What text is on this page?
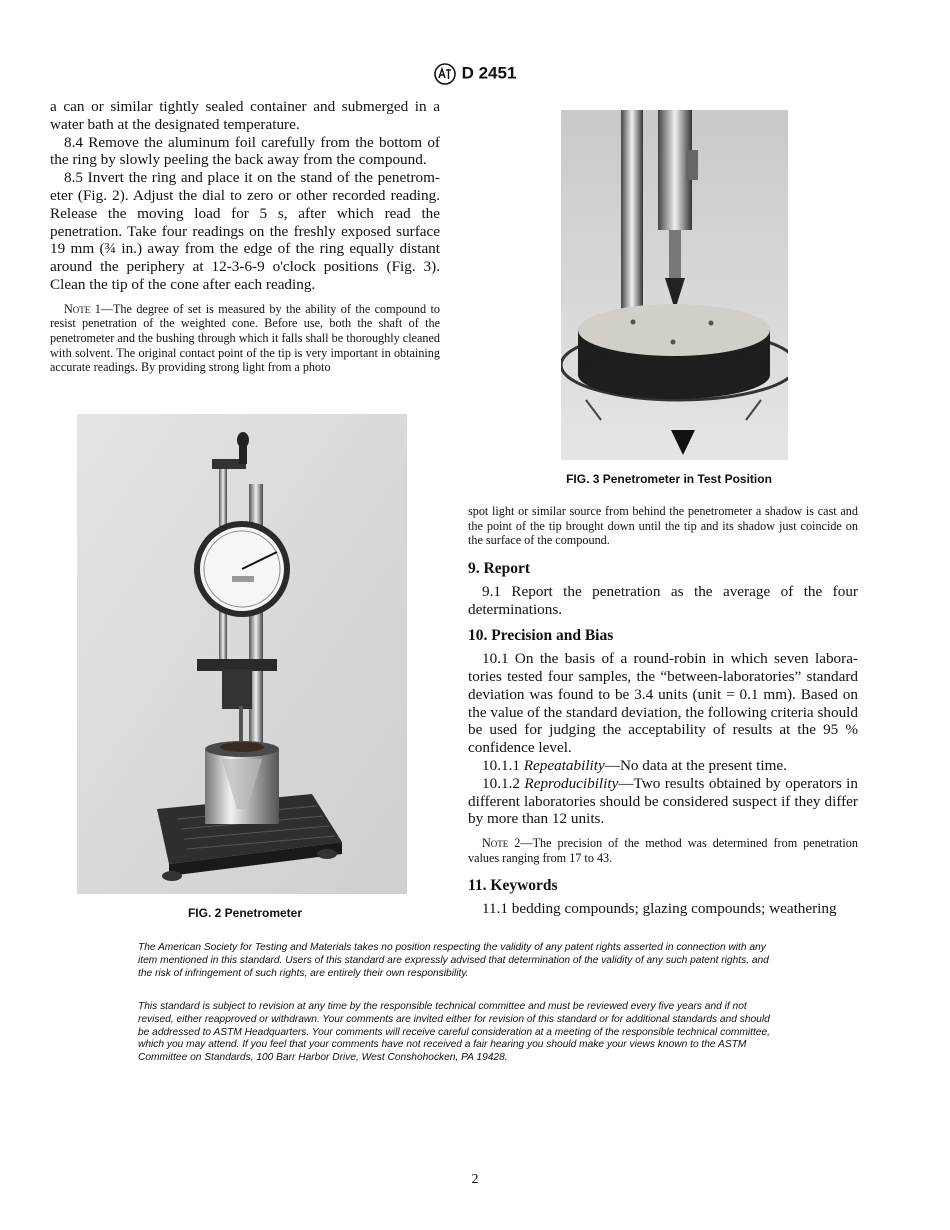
D 2451

a can or similar tightly sealed container and submerged in a water bath at the designated temperature.

8.4 Remove the aluminum foil carefully from the bottom of the ring by slowly peeling the back away from the compound.

8.5 Invert the ring and place it on the stand of the penetrom-eter (Fig. 2). Adjust the dial to zero or other recorded reading. Release the moving load for 5 s, after which read the penetration. Take four readings on the freshly exposed surface 19 mm (¾ in.) away from the edge of the ring equally distant around the periphery at 12-3-6-9 o'clock positions (Fig. 3). Clean the tip of the cone after each reading.

Note 1—The degree of set is measured by the ability of the compound to resist penetration of the weighted cone. Before use, both the shaft of the penetrometer and the bushing through which it falls shall be thoroughly cleaned with solvent. The original contact point of the tip is very important in obtaining accurate readings. By providing strong light from a photo

FIG. 2 Penetrometer
FIG. 3 Penetrometer in Test Position

spot light or similar source from behind the penetrometer a shadow is cast and the point of the tip brought down until the tip and its shadow just coincide on the surface of the compound.

9. Report

9.1 Report the penetration as the average of the four determinations.

10. Precision and Bias

10.1 On the basis of a round-robin in which seven labora-tories tested four samples, the “between-laboratories” standard deviation was found to be 3.4 units (unit = 0.1 mm). Based on the value of the standard deviation, the following criteria should be used for judging the acceptability of results at the 95 % confidence level.

10.1.1 Repeatability—No data at the present time.

10.1.2 Reproducibility—Two results obtained by operators in different laboratories should be considered suspect if they differ by more than 12 units.

Note 2—The precision of the method was determined from penetration values ranging from 17 to 43.

11. Keywords

11.1 bedding compounds; glazing compounds; weathering

The American Society for Testing and Materials takes no position respecting the validity of any patent rights asserted in connection with any item mentioned in this standard. Users of this standard are expressly advised that determination of the validity of any such patent rights, and the risk of infringement of such rights, are entirely their own responsibility.
This standard is subject to revision at any time by the responsible technical committee and must be reviewed every five years and if not revised, either reapproved or withdrawn. Your comments are invited either for revision of this standard or for additional standards and should be addressed to ASTM Headquarters. Your comments will receive careful consideration at a meeting of the responsible technical committee, which you may attend. If you feel that your comments have not received a fair hearing you should make your views known to the ASTM Committee on Standards, 100 Barr Harbor Drive, West Conshohocken, PA 19428.
2
